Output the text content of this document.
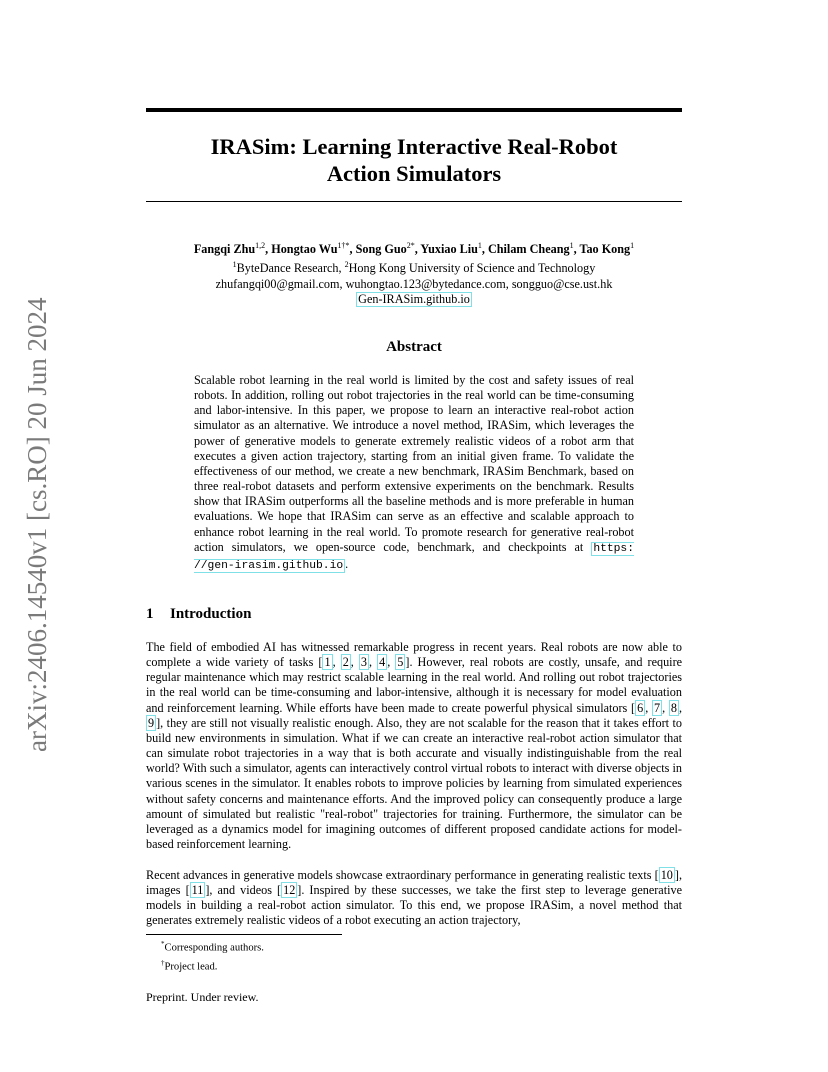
arXiv:2406.14540v1 [cs.RO] 20 Jun 2024
IRASim: Learning Interactive Real-Robot
Action Simulators
Fangqi Zhu$^{1,2}$, Hongtao $Wu^{1\dagger*}$, Song Guo$^{2*}$, Yuxiao Liu$^1$, Chilam Cheang$^1$, Tao Kong$^1$
$^1$ByteDance Research, $^2$Hong Kong University of Science and Technology
zhufangqi00@gmail.com, wuhongtao.123@bytedance.com, songguo@cse.ust.hk
Gen-IRASim.github.io
Abstract
Scalable robot learning in the real world is limited by the cost and safety issues of real robots. In addition, rolling out robot trajectories in the real world can be time-consuming and labor-intensive. In this paper, we propose to learn an interactive real-robot action simulator as an alternative. We introduce a novel method, IRASim, which leverages the power of generative models to generate extremely realistic videos of a robot arm that executes a given action trajectory, starting from an initial given frame. To validate the effectiveness of our method, we create a new benchmark, IRASim Benchmark, based on three real-robot datasets and perform extensive experiments on the benchmark. Results show that IRASim outperforms all the baseline methods and is more preferable in human evaluations. We hope that IRASim can serve as an effective and scalable approach to enhance robot learning in the real world. To promote research for generative real-robot action simulators, we open-source code, benchmark, and checkpoints at https: //gen-irasim.github.io .
1 Introduction
The field of embodied AI has witnessed remarkable progress in recent years. Real robots are now able to complete a wide variety of tasks [ 1 , 2 , 3 , 4 , 5 ]. However, real robots are costly, unsafe, and require regular maintenance which may restrict scalable learning in the real world. And rolling out robot trajectories in the real world can be time-consuming and labor-intensive, although it is necessary for model evaluation and reinforcement learning. While efforts have been made to create powerful physical simulators [ 6 , 7 , 8 , 9 ], they are still not visually realistic enough. Also, they are not scalable for the reason that it takes effort to build new environments in simulation. What if we can create an interactive real-robot action simulator that can simulate robot trajectories in a way that is both accurate and visually indistinguishable from the real world? With such a simulator, agents can interactively control virtual robots to interact with diverse objects in various scenes in the simulator. It enables robots to improve policies by learning from simulated experiences without safety concerns and maintenance efforts. And the improved policy can consequently produce a large amount of simulated but realistic "real-robot" trajectories for training. Furthermore, the simulator can be leveraged as a dynamics model for imagining outcomes of different proposed candidate actions for model-based reinforcement learning.
Recent advances in generative models showcase extraordinary performance in generating realistic texts [ 10 ], images [ 11 ], and videos [ 12 ]. Inspired by these successes, we take the first step to leverage generative models in building a real-robot action simulator. To this end, we propose IRASim, a novel method that generates extremely realistic videos of a robot executing an action trajectory,
*Corresponding authors.
†Project lead.
Preprint. Under review.
